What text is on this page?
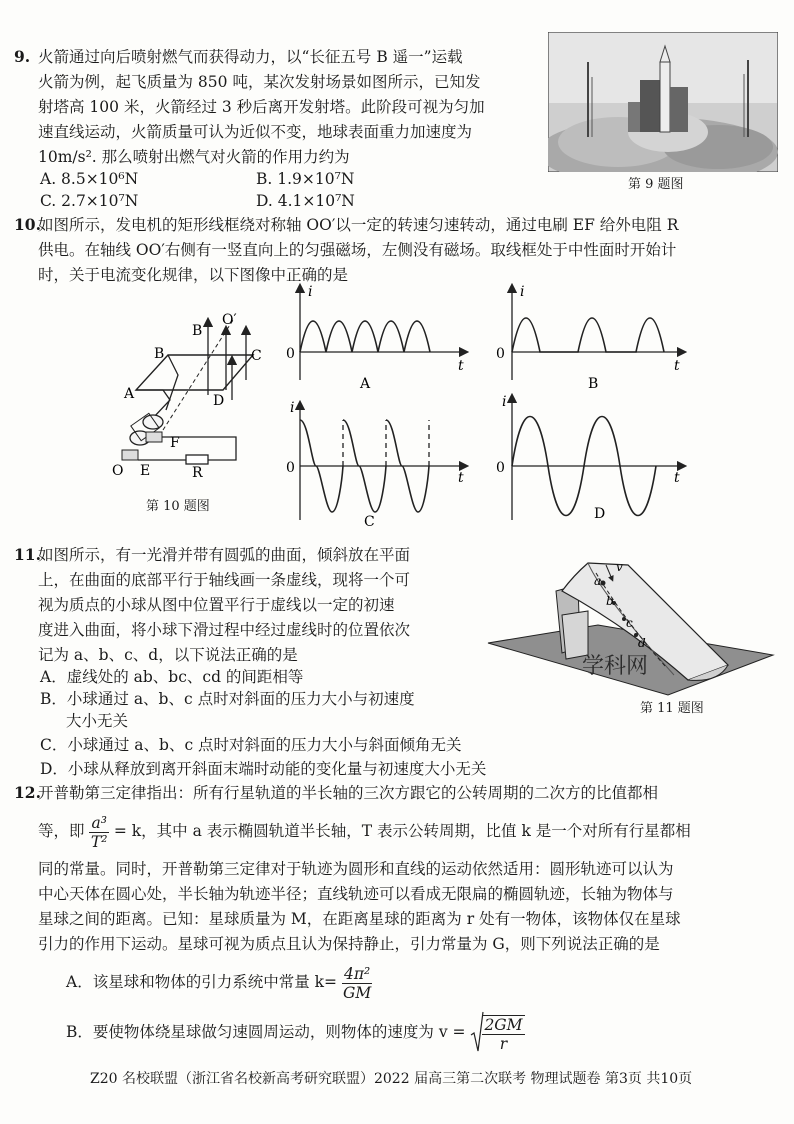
9. 火箭通过向后喷射燃气而获得动力，以“长征五号 B 遥一”运载
火箭为例，起飞质量为 850 吨，某次发射场景如图所示，已知发
射塔高 100 米，火箭经过 3 秒后离开发射塔。此阶段可视为匀加
速直线运动，火箭质量可认为近似不变，地球表面重力加速度为
10m/s². 那么喷射出燃气对火箭的作用力约为
A. 8.5×10⁶N	B. 1.9×10⁷N
C. 2.7×10⁷N	D. 4.1×10⁷N
第 9 题图
10.
如图所示，发电机的矩形线框绕对称轴 OO′以一定的转速匀速转动，通过电刷 EF 给外电阻 R
供电。在轴线 OO′右侧有一竖直向上的匀强磁场，左侧没有磁场。取线框处于中性面时开始计
时，关于电流变化规律，以下图像中正确的是
B
O′
B	C
A	D
F
O E	R
第 10 题图
i
t
0
A
i
t
0
C
i
t
0
B
i
t
0
D
11.
如图所示，有一光滑并带有圆弧的曲面，倾斜放在平面
上，在曲面的底部平行于轴线画一条虚线，现将一个可
视为质点的小球从图中位置平行于虚线以一定的初速
度进入曲面，将小球下滑过程中经过虚线时的位置依次
记为 a、b、c、d，以下说法正确的是
A．虚线处的 ab、bc、cd 的间距相等
B．小球通过 a、b、c 点时对斜面的压力大小与初速度
大小无关
C．小球通过 a、b、c 点时对斜面的压力大小与斜面倾角无关
D．小球从释放到离开斜面末端时动能的变化量与初速度大小无关
v
a
b
c
d
学科网
第 11 题图
12.
开普勒第三定律指出：所有行星轨道的半长轴的三次方跟它的公转周期的二次方的比值都相
等，即 $\frac{\text{a³}}{\text{T²}} = k$，其中 a 表示椭圆轨道半长轴，T 表示公转周期，比值 k 是一个对所有行星都相
同的常量。同时，开普勒第三定律对于轨迹为圆形和直线的运动依然适用：圆形轨迹可以认为
中心天体在圆心处，半长轴为轨迹半径；直线轨迹可以看成无限扁的椭圆轨迹，长轴为物体与
星球之间的距离。已知：星球质量为 M，在距离星球的距离为 r 处有一物体，该物体仅在星球
引力的作用下运动。星球可视为质点且认为保持静止，引力常量为 G，则下列说法正确的是
A．该星球和物体的引力系统中常量 $k= \frac{\text{4π²}}{GM}$
B．要使物体绕星球做匀速圆周运动，则物体的速度为 $v = \frac{2GM}{r}$
Z20 名校联盟（浙江省名校新高考研究联盟）2022 届高三第二次联考 物理试题卷 第3页 共10页
